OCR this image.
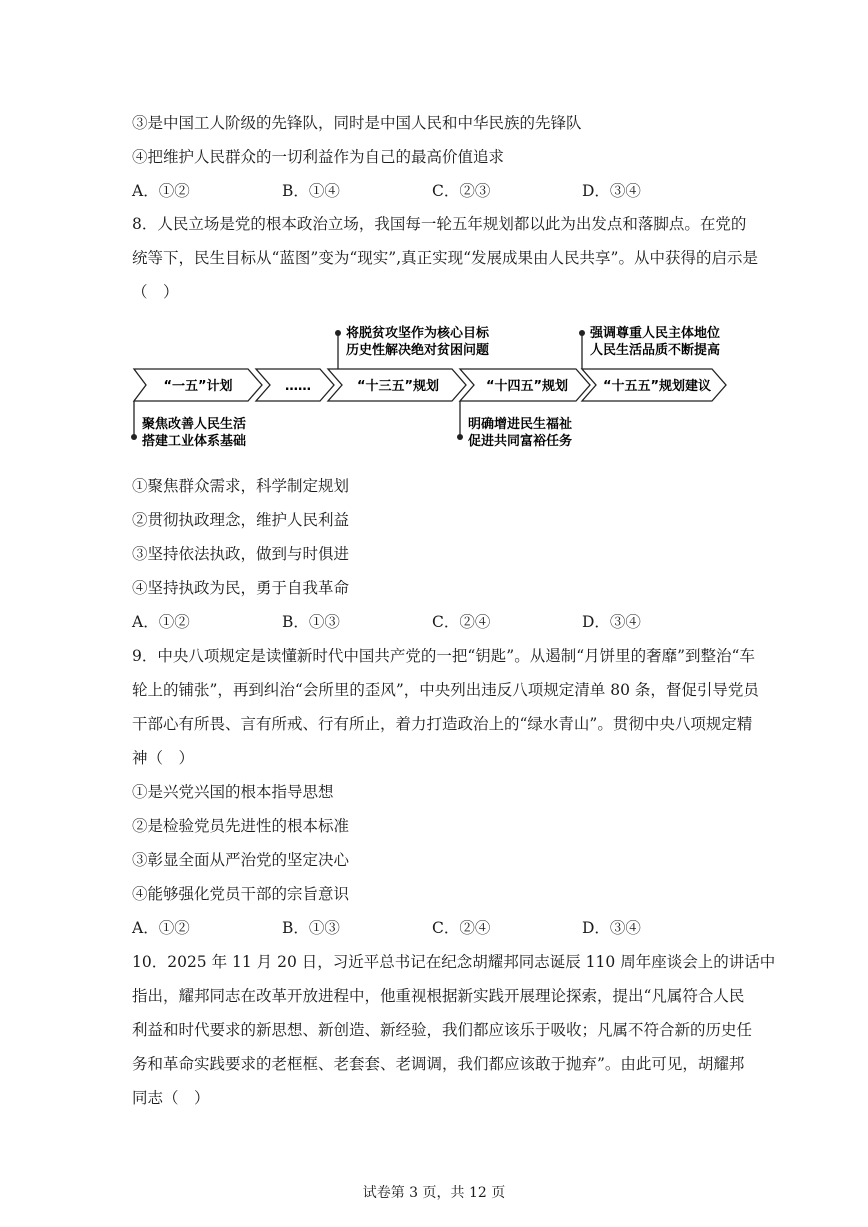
③是中国工人阶级的先锋队，同时是中国人民和中华民族的先锋队
④把维护人民群众的一切利益作为自己的最高价值追求
A．①②	B．①④	C．②③	D．③④
8．人民立场是党的根本政治立场，我国每一轮五年规划都以此为出发点和落脚点。在党的
统等下，民生目标从“蓝图”变为“现实”,真正实现“发展成果由人民共享”。从中获得的启示是
（　）
“一五”计划	……	“十三五”规划	“十四五”规划	“十五五”规划建议
将脱贫攻坚作为核心目标
历史性解决绝对贫困问题
强调尊重人民主体地位
人民生活品质不断提高
聚焦改善人民生活
搭建工业体系基础
明确增进民生福祉
促进共同富裕任务
①聚焦群众需求，科学制定规划
②贯彻执政理念，维护人民利益
③坚持依法执政，做到与时俱进
④坚持执政为民，勇于自我革命
A．①②	B．①③	C．②④	D．③④
9．中央八项规定是读懂新时代中国共产党的一把“钥匙”。从遏制“月饼里的奢靡”到整治“车
轮上的铺张”，再到纠治“会所里的歪风”，中央列出违反八项规定清单 80 条，督促引导党员
干部心有所畏、言有所戒、行有所止，着力打造政治上的“绿水青山”。贯彻中央八项规定精
神（　）
①是兴党兴国的根本指导思想
②是检验党员先进性的根本标准
③彰显全面从严治党的坚定决心
④能够强化党员干部的宗旨意识
A．①②	B．①③	C．②④	D．③④
10．2025 年 11 月 20 日，习近平总书记在纪念胡耀邦同志诞辰 110 周年座谈会上的讲话中
指出，耀邦同志在改革开放进程中，他重视根据新实践开展理论探索，提出“凡属符合人民
利益和时代要求的新思想、新创造、新经验，我们都应该乐于吸收；凡属不符合新的历史任
务和革命实践要求的老框框、老套套、老调调，我们都应该敢于抛弃”。由此可见，胡耀邦
同志（　）
试卷第 3 页，共 12 页
